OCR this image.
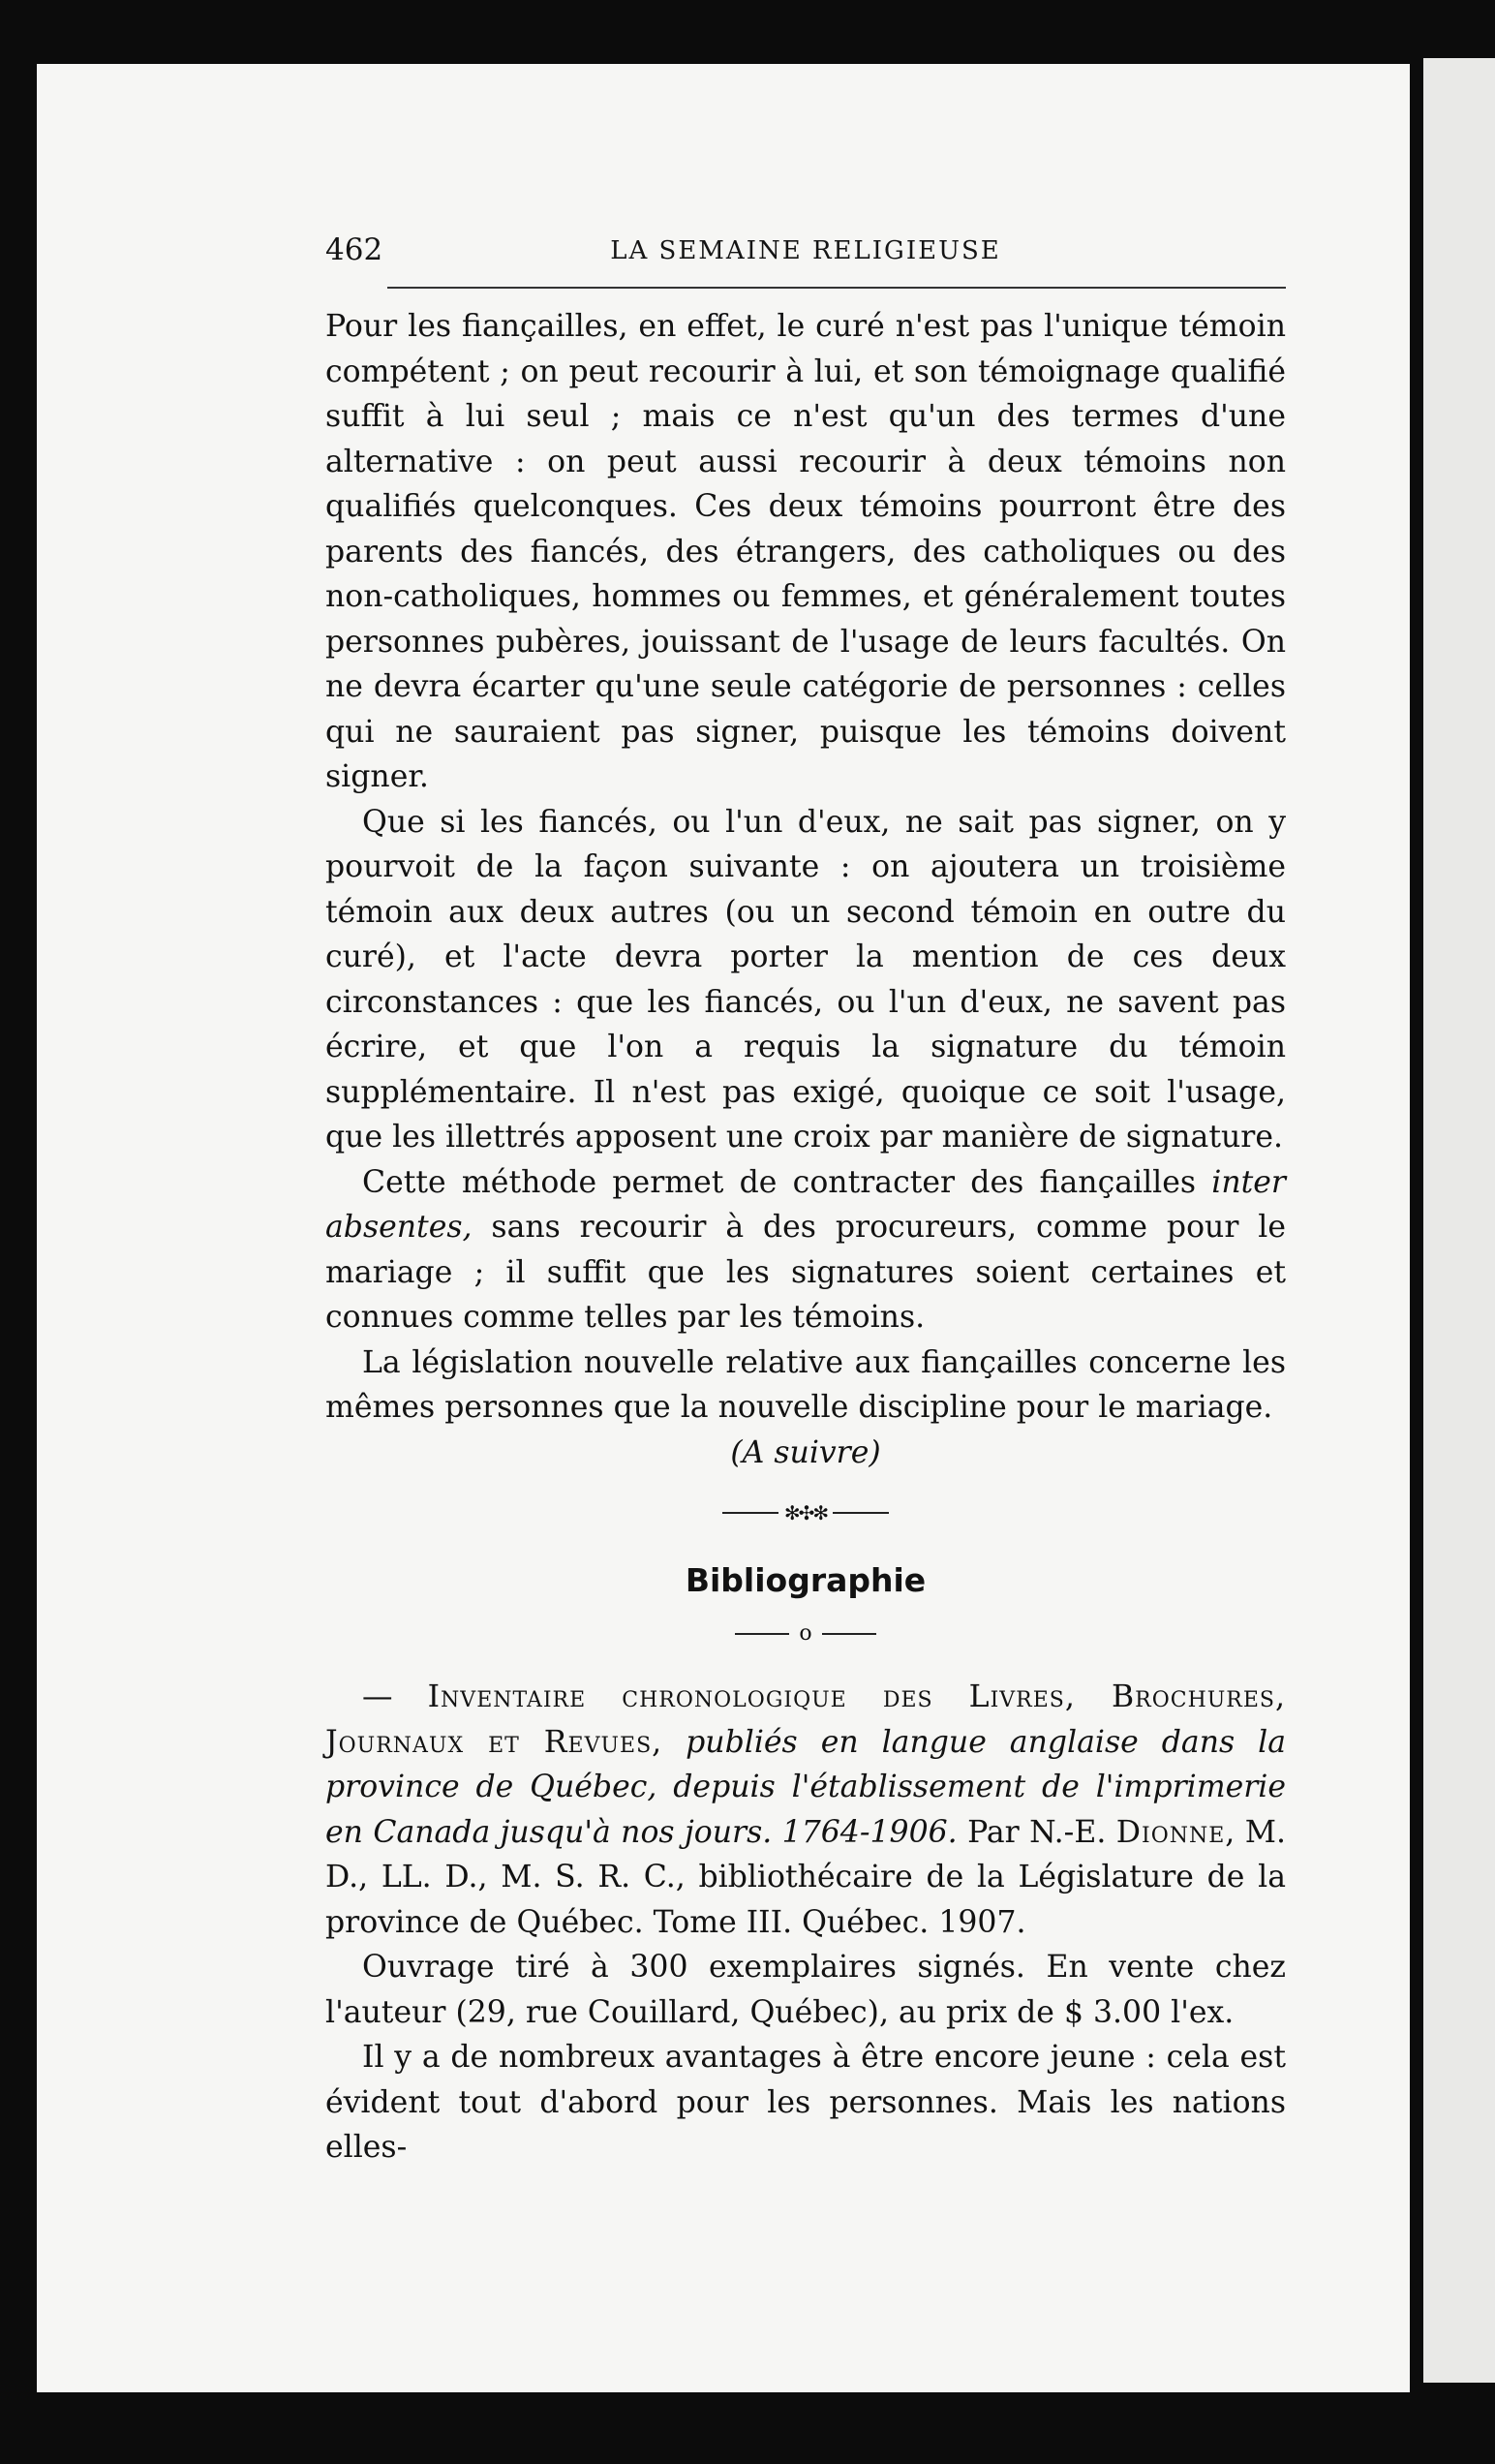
462	LA SEMAINE RELIGIEUSE

Pour les fiançailles, en effet, le curé n'est pas l'unique témoin compétent ; on peut recourir à lui, et son témoignage qualifié suffit à lui seul ; mais ce n'est qu'un des termes d'une alternative : on peut aussi recourir à deux témoins non qualifiés quelconques. Ces deux témoins pourront être des parents des fiancés, des étrangers, des catholiques ou des non-catholiques, hommes ou femmes, et généralement toutes personnes pubères, jouissant de l'usage de leurs facultés. On ne devra écarter qu'une seule catégorie de personnes : celles qui ne sauraient pas signer, puisque les témoins doivent signer.

Que si les fiancés, ou l'un d'eux, ne sait pas signer, on y pourvoit de la façon suivante : on ajoutera un troisième témoin aux deux autres (ou un second témoin en outre du curé), et l'acte devra porter la mention de ces deux circonstances : que les fiancés, ou l'un d'eux, ne savent pas écrire, et que l'on a requis la signature du témoin supplémentaire. Il n'est pas exigé, quoique ce soit l'usage, que les illettrés apposent une croix par manière de signature.

Cette méthode permet de contracter des fiançailles inter absentes, sans recourir à des procureurs, comme pour le mariage ; il suffit que les signatures soient certaines et connues comme telles par les témoins.

La législation nouvelle relative aux fiançailles concerne les mêmes personnes que la nouvelle discipline pour le mariage.

(A suivre)

✻✣✻
Bibliographie
o

— Inventaire chronologique des Livres, Brochures, Journaux et Revues, publiés en langue anglaise dans la province de Québec, depuis l'établissement de l'imprimerie en Canada jusqu'à nos jours. 1764-1906. Par N.-E. Dionne, M. D., LL. D., M. S. R. C., bibliothécaire de la Législature de la province de Québec. Tome III. Québec. 1907.

Ouvrage tiré à 300 exemplaires signés. En vente chez l'auteur (29, rue Couillard, Québec), au prix de $ 3.00 l'ex.

Il y a de nombreux avantages à être encore jeune : cela est évident tout d'abord pour les personnes. Mais les nations elles-
